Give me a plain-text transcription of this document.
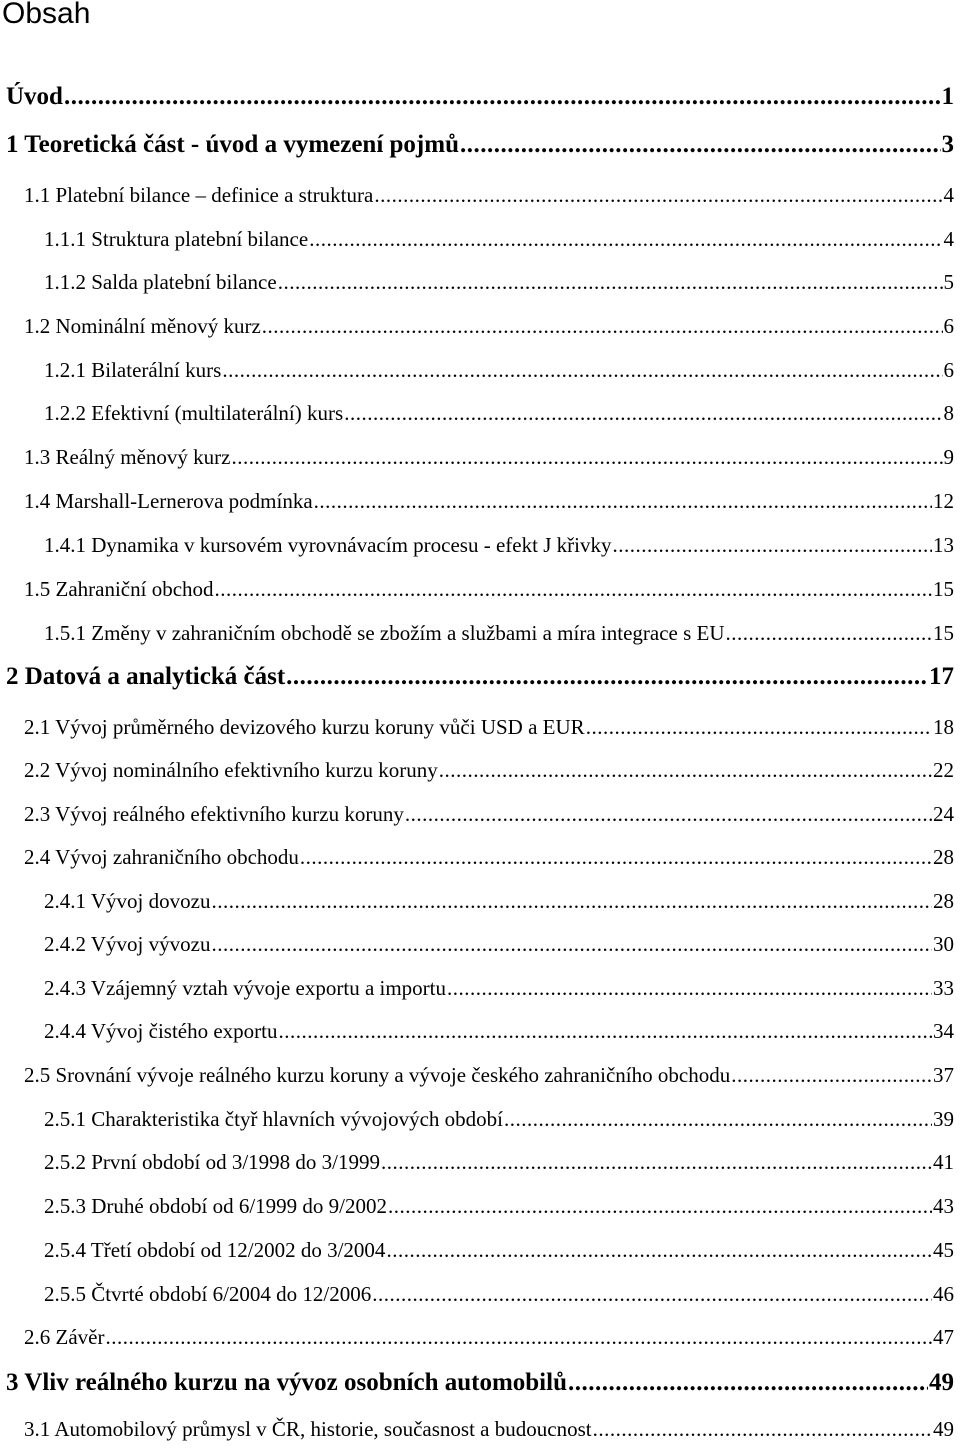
Obsah
Úvod .....	1
1 Teoretická část - úvod a vymezení pojmů .....	3
1.1 Platební bilance – definice a struktura .....	4
1.1.1 Struktura platební bilance .....	4
1.1.2 Salda platební bilance .....	5
1.2 Nominální měnový kurz .....	6
1.2.1 Bilaterální kurs .....	6
1.2.2 Efektivní (multilaterální) kurs .....	8
1.3 Reálný měnový kurz .....	9
1.4 Marshall-Lernerova podmínka .....	12
1.4.1 Dynamika v kursovém vyrovnávacím procesu - efekt J křivky .....	13
1.5 Zahraniční obchod .....	15
1.5.1 Změny v zahraničním obchodě se zbožím a službami a míra integrace s EU .....	15
2 Datová a analytická část .....	17
2.1 Vývoj průměrného devizového kurzu koruny vůči USD a EUR .....	18
2.2 Vývoj nominálního efektivního kurzu koruny .....	22
2.3 Vývoj reálného efektivního kurzu koruny .....	24
2.4 Vývoj zahraničního obchodu .....	28
2.4.1 Vývoj dovozu .....	28
2.4.2 Vývoj vývozu .....	30
2.4.3 Vzájemný vztah vývoje exportu a importu .....	33
2.4.4 Vývoj čistého exportu .....	34
2.5 Srovnání vývoje reálného kurzu koruny a vývoje českého zahraničního obchodu .....	37
2.5.1 Charakteristika čtyř hlavních vývojových období .....	39
2.5.2 První období od 3/1998 do 3/1999 .....	41
2.5.3 Druhé období od 6/1999 do 9/2002 .....	43
2.5.4 Třetí období od 12/2002 do 3/2004 .....	45
2.5.5 Čtvrté období 6/2004 do 12/2006 .....	46
2.6 Závěr .....	47
3 Vliv reálného kurzu na vývoz osobních automobilů .....	49
3.1 Automobilový průmysl v ČR, historie, současnost a budoucnost .....	49
